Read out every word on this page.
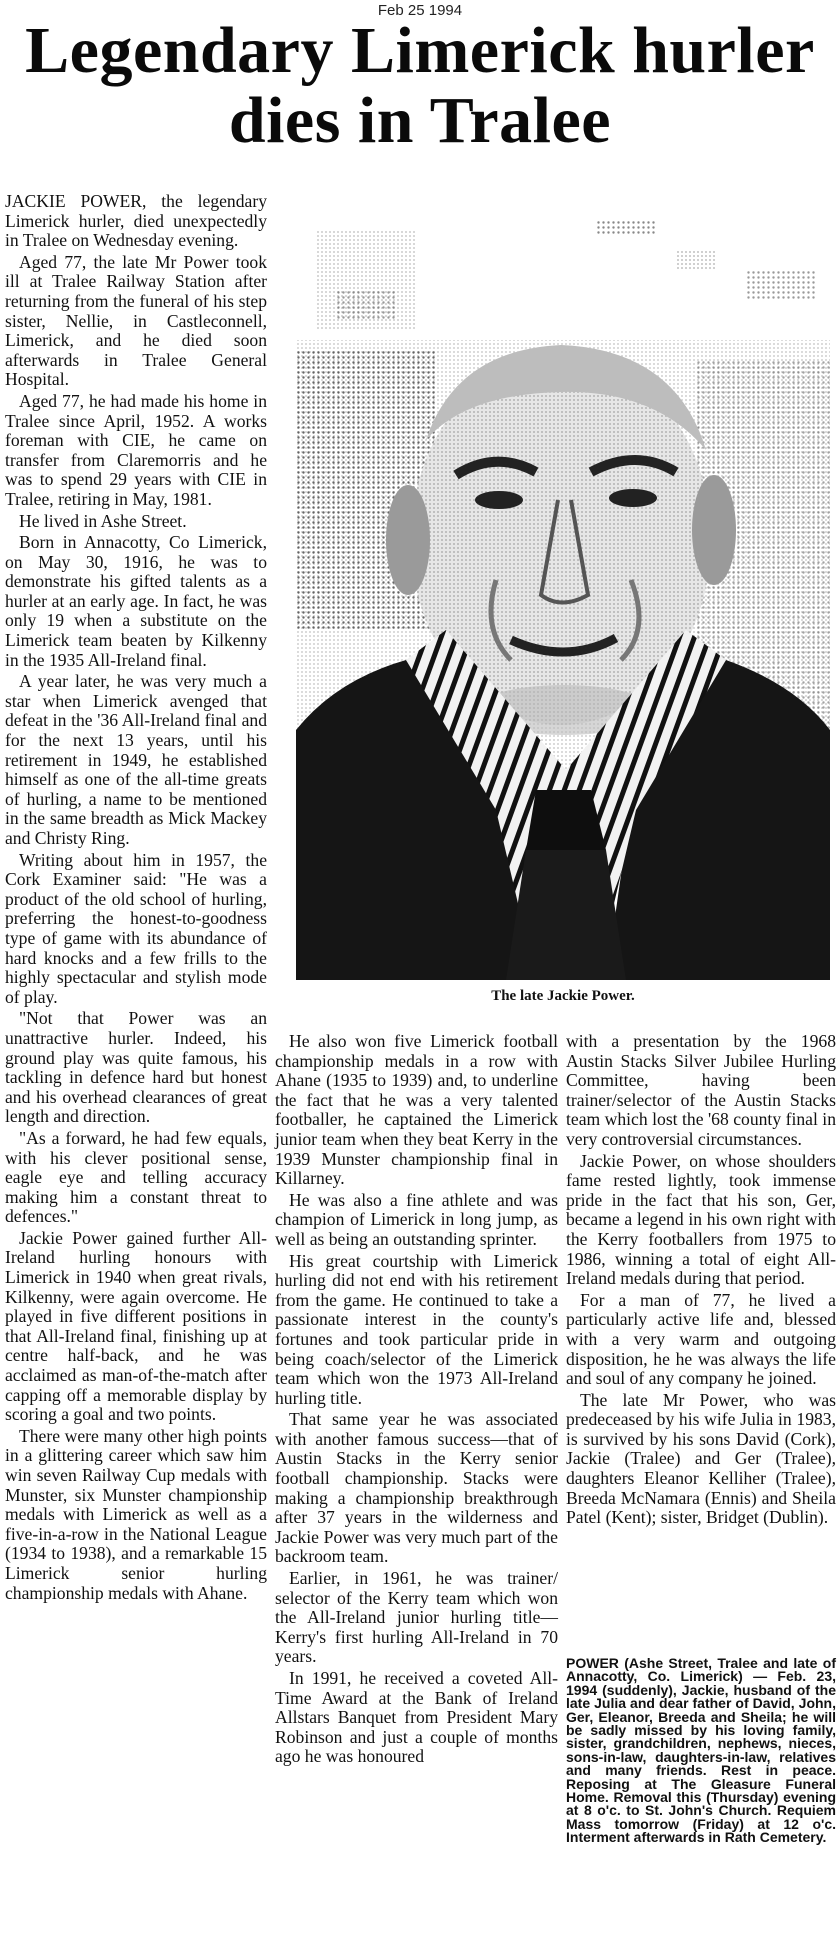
Feb 25 1994
Legendary Limerick hurler dies in Tralee

JACKIE POWER, the legendary Limerick hurler, died unexpectedly in Tralee on Wednesday evening.

Aged 77, the late Mr Power took ill at Tralee Railway Station after returning from the funeral of his step sister, Nellie, in Castleconnell, Limerick, and he died soon afterwards in Tralee General Hospital.

Aged 77, he had made his home in Tralee since April, 1952. A works foreman with CIE, he came on transfer from Claremorris and he was to spend 29 years with CIE in Tralee, retiring in May, 1981.

He lived in Ashe Street.

Born in Annacotty, Co Limerick, on May 30, 1916, he was to demonstrate his gifted talents as a hurler at an early age. In fact, he was only 19 when a substitute on the Limerick team beaten by Kilkenny in the 1935 All-Ireland final.

A year later, he was very much a star when Limerick avenged that defeat in the '36 All-Ireland final and for the next 13 years, until his retirement in 1949, he established himself as one of the all-time greats of hurling, a name to be mentioned in the same breadth as Mick Mackey and Christy Ring.

Writing about him in 1957, the Cork Examiner said: "He was a product of the old school of hurling, preferring the honest-to-goodness type of game with its abundance of hard knocks and a few frills to the highly spectacular and stylish mode of play.

"Not that Power was an unattractive hurler. Indeed, his ground play was quite famous, his tackling in defence hard but honest and his overhead clearances of great length and direction.

"As a forward, he had few equals, with his clever positional sense, eagle eye and telling accuracy making him a constant threat to defences."

Jackie Power gained further All-Ireland hurling honours with Limerick in 1940 when great rivals, Kilkenny, were again overcome. He played in five different positions in that All-Ireland final, finishing up at centre half-back, and he was acclaimed as man-of-the-match after capping off a memorable display by scoring a goal and two points.

There were many other high points in a glittering career which saw him win seven Railway Cup medals with Munster, six Munster championship medals with Limerick as well as a five-in-a-row in the National League (1934 to 1938), and a remarkable 15 Limerick senior hurling championship medals with Ahane.

The late Jackie Power.

He also won five Limerick football championship medals in a row with Ahane (1935 to 1939) and, to underline the fact that he was a very talented footballer, he captained the Limerick junior team when they beat Kerry in the 1939 Munster championship final in Killarney.

He was also a fine athlete and was champion of Limerick in long jump, as well as being an outstanding sprinter.

His great courtship with Limerick hurling did not end with his retirement from the game. He continued to take a passionate interest in the county's fortunes and took particular pride in being coach/selector of the Limerick team which won the 1973 All-Ireland hurling title.

That same year he was associated with another famous success—that of Austin Stacks in the Kerry senior football championship. Stacks were making a championship breakthrough after 37 years in the wilderness and Jackie Power was very much part of the backroom team.

Earlier, in 1961, he was trainer/ selector of the Kerry team which won the All-Ireland junior hurling title—Kerry's first hurling All-Ireland in 70 years.

In 1991, he received a coveted All-Time Award at the Bank of Ireland Allstars Banquet from President Mary Robinson and just a couple of months ago he was honoured

with a presentation by the 1968 Austin Stacks Silver Jubilee Hurling Committee, having been trainer/selector of the Austin Stacks team which lost the '68 county final in very controversial circumstances.

Jackie Power, on whose shoulders fame rested lightly, took immense pride in the fact that his son, Ger, became a legend in his own right with the Kerry footballers from 1975 to 1986, winning a total of eight All-Ireland medals during that period.

For a man of 77, he lived a particularly active life and, blessed with a very warm and outgoing disposition, he he was always the life and soul of any company he joined.

The late Mr Power, who was predeceased by his wife Julia in 1983, is survived by his sons David (Cork), Jackie (Tralee) and Ger (Tralee), daughters Eleanor Kelliher (Tralee), Breeda McNamara (Ennis) and Sheila Patel (Kent); sister, Bridget (Dublin).

POWER (Ashe Street, Tralee and late of Annacotty, Co. Limerick) — Feb. 23, 1994 (suddenly), Jackie, husband of the late Julia and dear father of David, John, Ger, Eleanor, Breeda and Sheila; he will be sadly missed by his loving family, sister, grandchildren, nephews, nieces, sons-in-law, daughters-in-law, relatives and many friends. Rest in peace. Reposing at The Gleasure Funeral Home. Removal this (Thursday) evening at 8 o'c. to St. John's Church. Requiem Mass tomorrow (Friday) at 12 o'c. Interment afterwards in Rath Cemetery.
